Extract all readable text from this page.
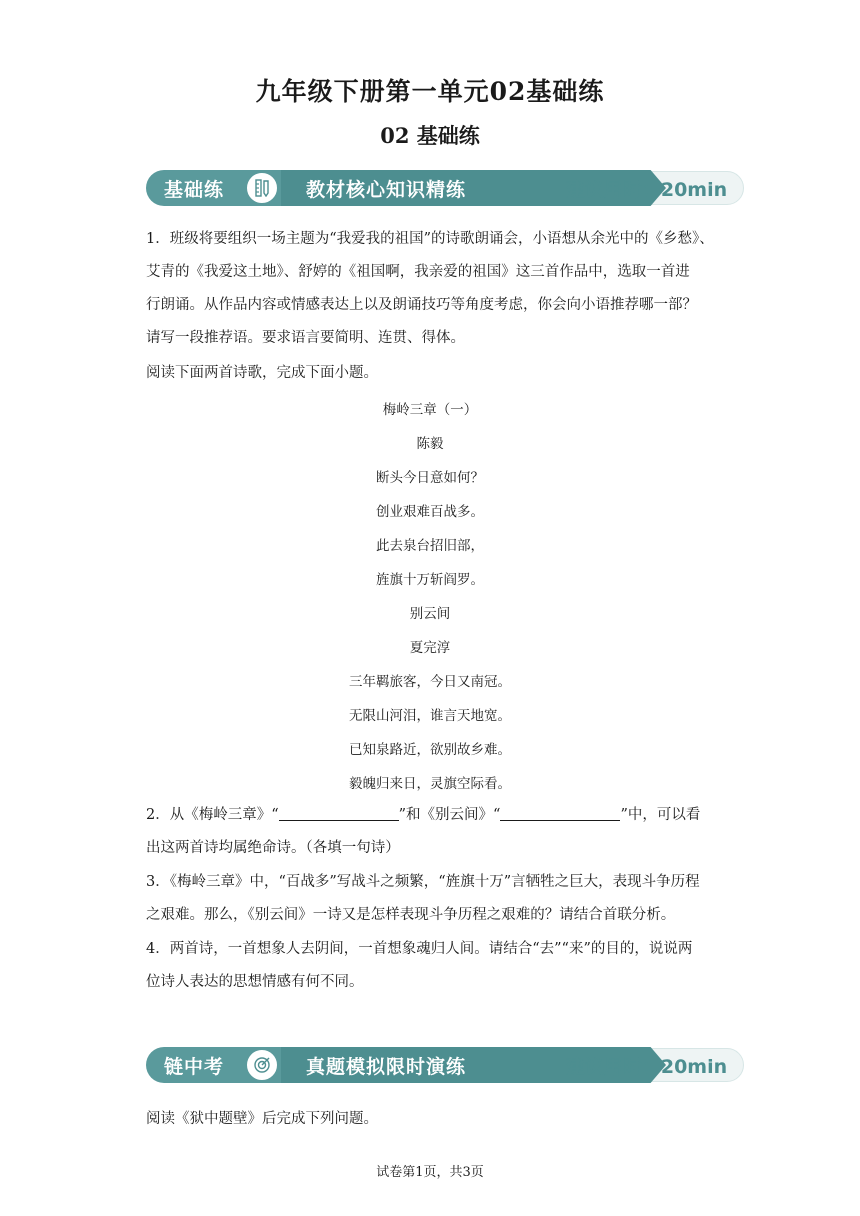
九年级下册第一单元02基础练
02 基础练
基础练	教材核心知识精练	建议用时：20min
1．班级将要组织一场主题为“我爱我的祖国”的诗歌朗诵会，小语想从余光中的《乡愁》、
艾青的《我爱这土地》、舒婷的《祖国啊，我亲爱的祖国》这三首作品中，选取一首进
行朗诵。从作品内容或情感表达上以及朗诵技巧等角度考虑，你会向小语推荐哪一部？
请写一段推荐语。要求语言要简明、连贯、得体。
阅读下面两首诗歌，完成下面小题。
梅岭三章（一）
陈毅
断头今日意如何？
创业艰难百战多。
此去泉台招旧部，
旌旗十万斩阎罗。
别云间
夏完淳
三年羁旅客，今日又南冠。
无限山河泪，谁言天地宽。
已知泉路近，欲别故乡难。
毅魄归来日，灵旗空际看。
2．从《梅岭三章》“	”和《别云间》“	”中，可以看
出这两首诗均属绝命诗。（各填一句诗）
3．《梅岭三章》中，“百战多”写战斗之频繁，“旌旗十万”言牺牲之巨大，表现斗争历程
之艰难。那么，《别云间》一诗又是怎样表现斗争历程之艰难的？请结合首联分析。
4．两首诗，一首想象人去阴间，一首想象魂归人间。请结合“去”“来”的目的，说说两
位诗人表达的思想情感有何不同。
链中考	真题模拟限时演练	建议用时：20min
阅读《狱中题壁》后完成下列问题。
试卷第1页，共3页
